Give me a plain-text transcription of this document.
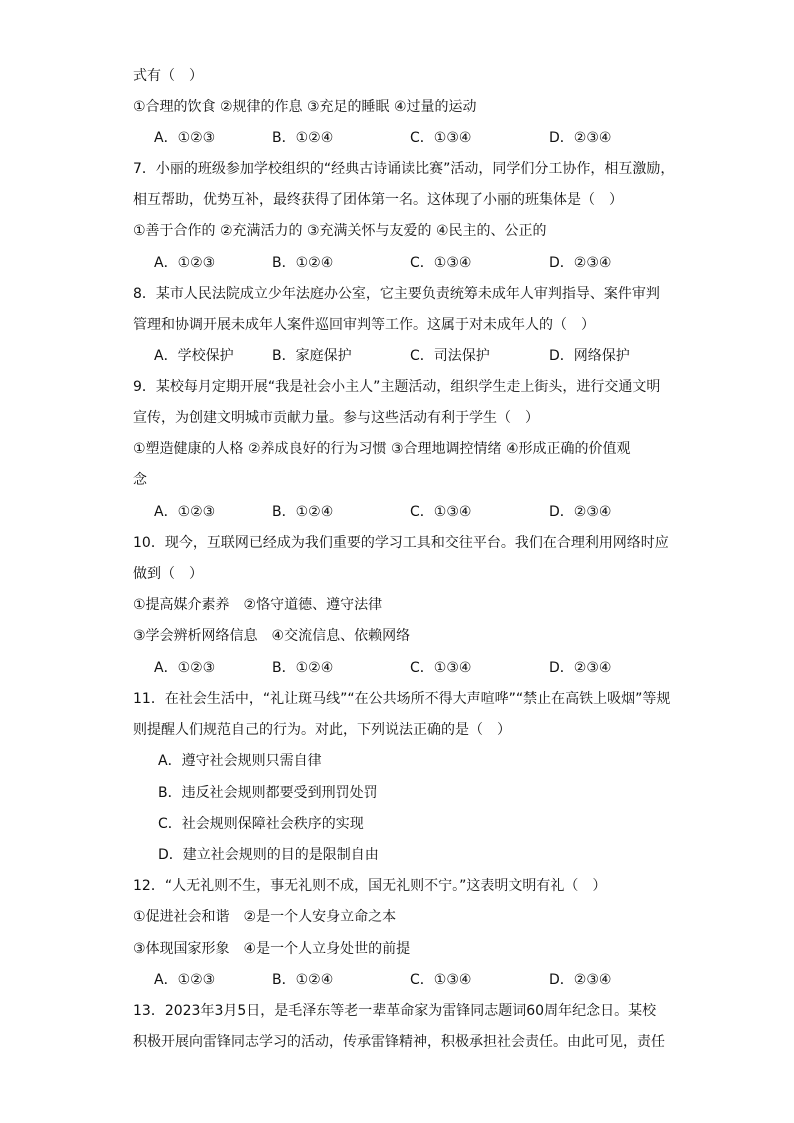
式有（　）
①合理的饮食 ②规律的作息 ③充足的睡眠 ④过量的运动
A．①②③	B．①②④	C．①③④	D．②③④
7．小丽的班级参加学校组织的“经典古诗诵读比赛”活动，同学们分工协作，相互激励，
相互帮助，优势互补，最终获得了团体第一名。这体现了小丽的班集体是（　）
①善于合作的 ②充满活力的 ③充满关怀与友爱的 ④民主的、公正的
A．①②③	B．①②④	C．①③④	D．②③④
8．某市人民法院成立少年法庭办公室，它主要负责统筹未成年人审判指导、案件审判
管理和协调开展未成年人案件巡回审判等工作。这属于对未成年人的（　）
A．学校保护	B．家庭保护	C．司法保护	D．网络保护
9．某校每月定期开展“我是社会小主人”主题活动，组织学生走上街头，进行交通文明
宣传，为创建文明城市贡献力量。参与这些活动有利于学生（　）
①塑造健康的人格 ②养成良好的行为习惯 ③合理地调控情绪 ④形成正确的价值观
念
A．①②③	B．①②④	C．①③④	D．②③④
10．现今，互联网已经成为我们重要的学习工具和交往平台。我们在合理利用网络时应
做到（　）
①提高媒介素养　②恪守道德、遵守法律
③学会辨析网络信息　④交流信息、依赖网络
A．①②③	B．①②④	C．①③④	D．②③④
11．在社会生活中，“礼让斑马线”“在公共场所不得大声喧哗”“禁止在高铁上吸烟”等规
则提醒人们规范自己的行为。对此，下列说法正确的是（　）
A．遵守社会规则只需自律
B．违反社会规则都要受到刑罚处罚
C．社会规则保障社会秩序的实现
D．建立社会规则的目的是限制自由
12．“人无礼则不生，事无礼则不成，国无礼则不宁。”这表明文明有礼（　）
①促进社会和谐　②是一个人安身立命之本
③体现国家形象　④是一个人立身处世的前提
A．①②③	B．①②④	C．①③④	D．②③④
13．2023年3月5日，是毛泽东等老一辈革命家为雷锋同志题词60周年纪念日。某校
积极开展向雷锋同志学习的活动，传承雷锋精神，积极承担社会责任。由此可见，责任
